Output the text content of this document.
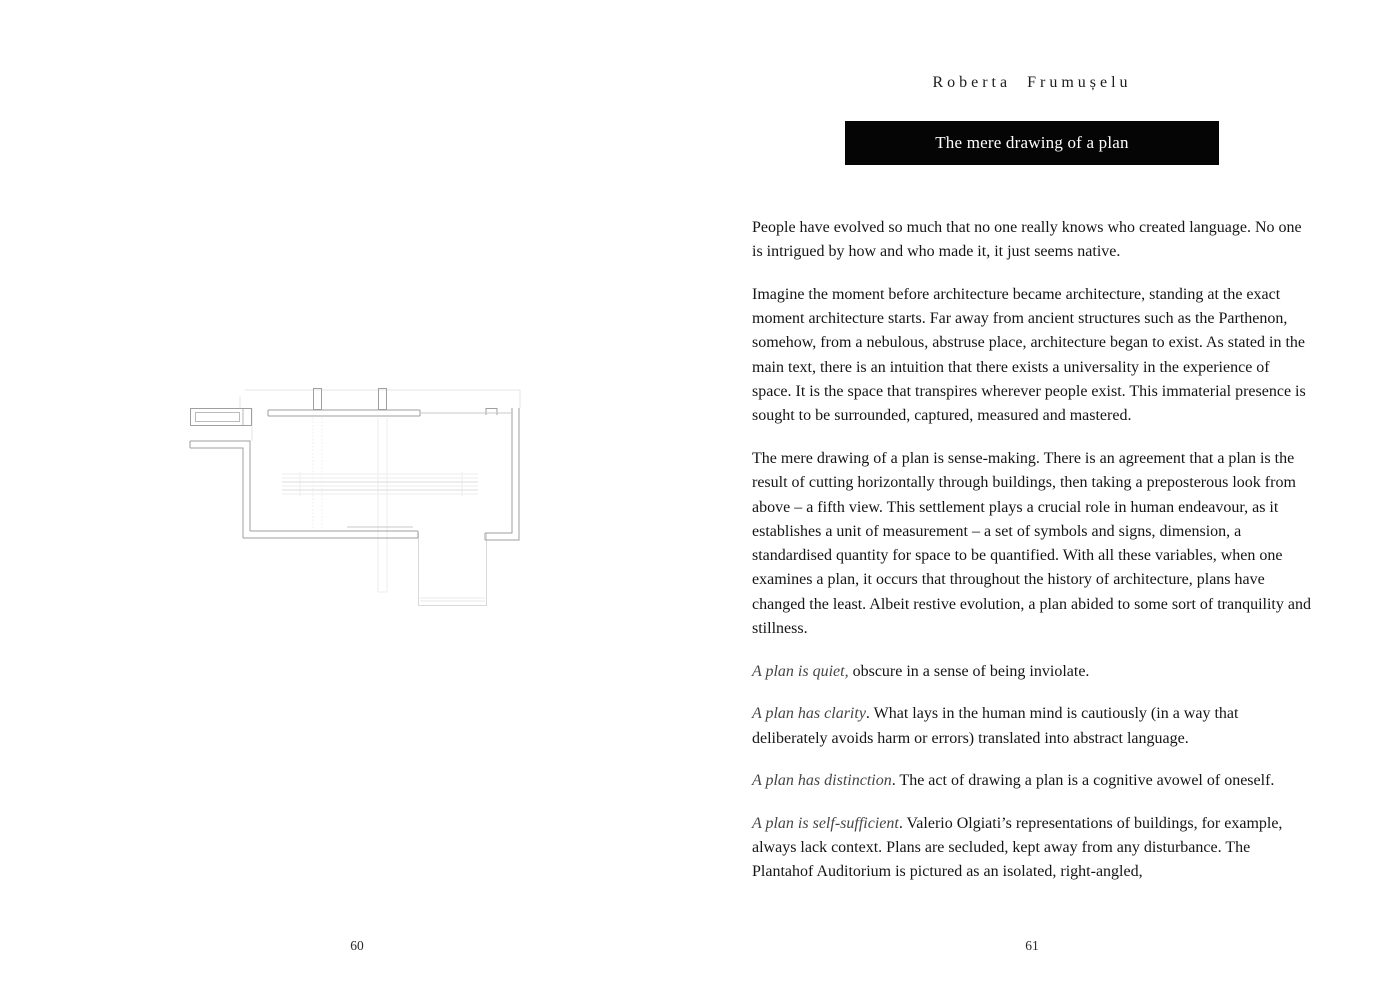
60
Roberta Frumușelu
The mere drawing of a plan

People have evolved so much that no one really knows who created language. No one is intrigued by how and who made it, it just seems native.

Imagine the moment before architecture became architecture, standing at the exact moment architecture starts. Far away from ancient structures such as the Parthenon, somehow, from a nebulous, abstruse place, architecture began to exist. As stated in the main text, there is an intuition that there exists a universality in the experience of space. It is the space that transpires wherever people exist. This immaterial presence is sought to be surrounded, captured, measured and mastered.

The mere drawing of a plan is sense-making. There is an agreement that a plan is the result of cutting horizontally through buildings, then taking a preposterous look from above – a fifth view. This settlement plays a crucial role in human endeavour, as it establishes a unit of measurement – a set of symbols and signs, dimension, a standardised quantity for space to be quantified. With all these variables, when one examines a plan, it occurs that throughout the history of architecture, plans have changed the least. Albeit restive evolution, a plan abided to some sort of tranquility and stillness.

A plan is quiet, obscure in a sense of being inviolate.

A plan has clarity. What lays in the human mind is cautiously (in a way that deliberately avoids harm or errors) translated into abstract language.

A plan has distinction. The act of drawing a plan is a cognitive avowel of oneself.

A plan is self-sufficient. Valerio Olgiati’s representations of buildings, for example, always lack context. Plans are secluded, kept away from any disturbance. The Plantahof Auditorium is pictured as an isolated, right-angled,

61
